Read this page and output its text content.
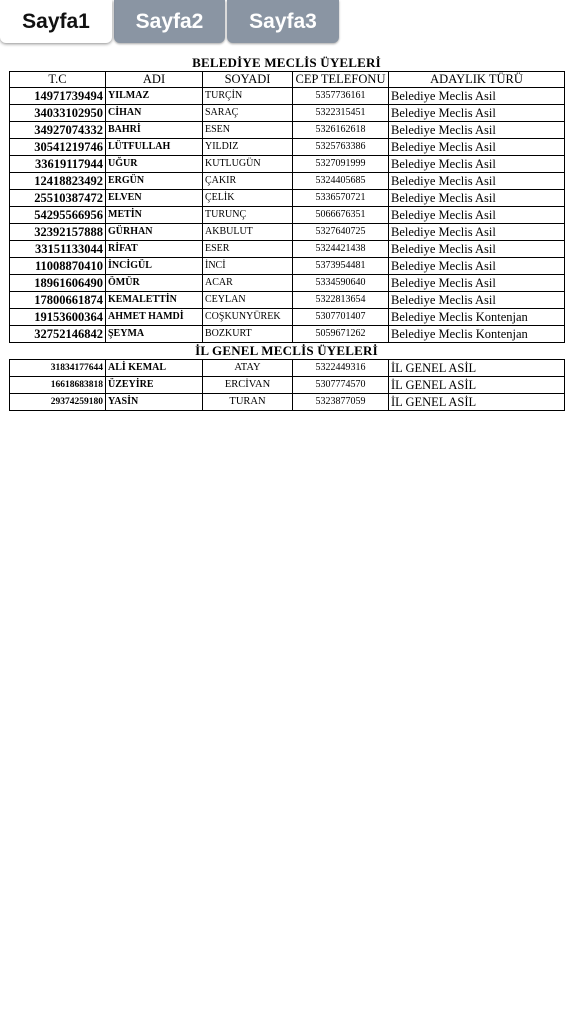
Sayfa1	Sayfa2	Sayfa3
BELEDİYE MECLİS ÜYELERİ
T.C	ADI	SOYADI	CEP TELEFONU	ADAYLIK TÜRÜ
14971739494	YILMAZ	TURÇİN	5357736161	Belediye Meclis Asil
34033102950	CİHAN	SARAÇ	5322315451	Belediye Meclis Asil
34927074332	BAHRİ	ESEN	5326162618	Belediye Meclis Asil
30541219746	LÜTFULLAH	YILDIZ	5325763386	Belediye Meclis Asil
33619117944	UĞUR	KUTLUGÜN	5327091999	Belediye Meclis Asil
12418823492	ERGÜN	ÇAKIR	5324405685	Belediye Meclis Asil
25510387472	ELVEN	ÇELİK	5336570721	Belediye Meclis Asil
54295566956	METİN	TURUNÇ	5066676351	Belediye Meclis Asil
32392157888	GÜRHAN	AKBULUT	5327640725	Belediye Meclis Asil
33151133044	RİFAT	ESER	5324421438	Belediye Meclis Asil
11008870410	İNCİGÜL	İNCİ	5373954481	Belediye Meclis Asil
18961606490	ÖMÜR	ACAR	5334590640	Belediye Meclis Asil
17800661874	KEMALETTİN	CEYLAN	5322813654	Belediye Meclis Asil
19153600364	AHMET HAMDİ	COŞKUNYÜREK	5307701407	Belediye Meclis Kontenjan
32752146842	ŞEYMA	BOZKURT	5059671262	Belediye Meclis Kontenjan
İL GENEL MECLİS ÜYELERİ
31834177644	ALİ KEMAL	ATAY	5322449316	İL GENEL ASİL
16618683818	ÜZEYİRE	ERCİVAN	5307774570	İL GENEL ASİL
29374259180	YASİN	TURAN	5323877059	İL GENEL ASİL
